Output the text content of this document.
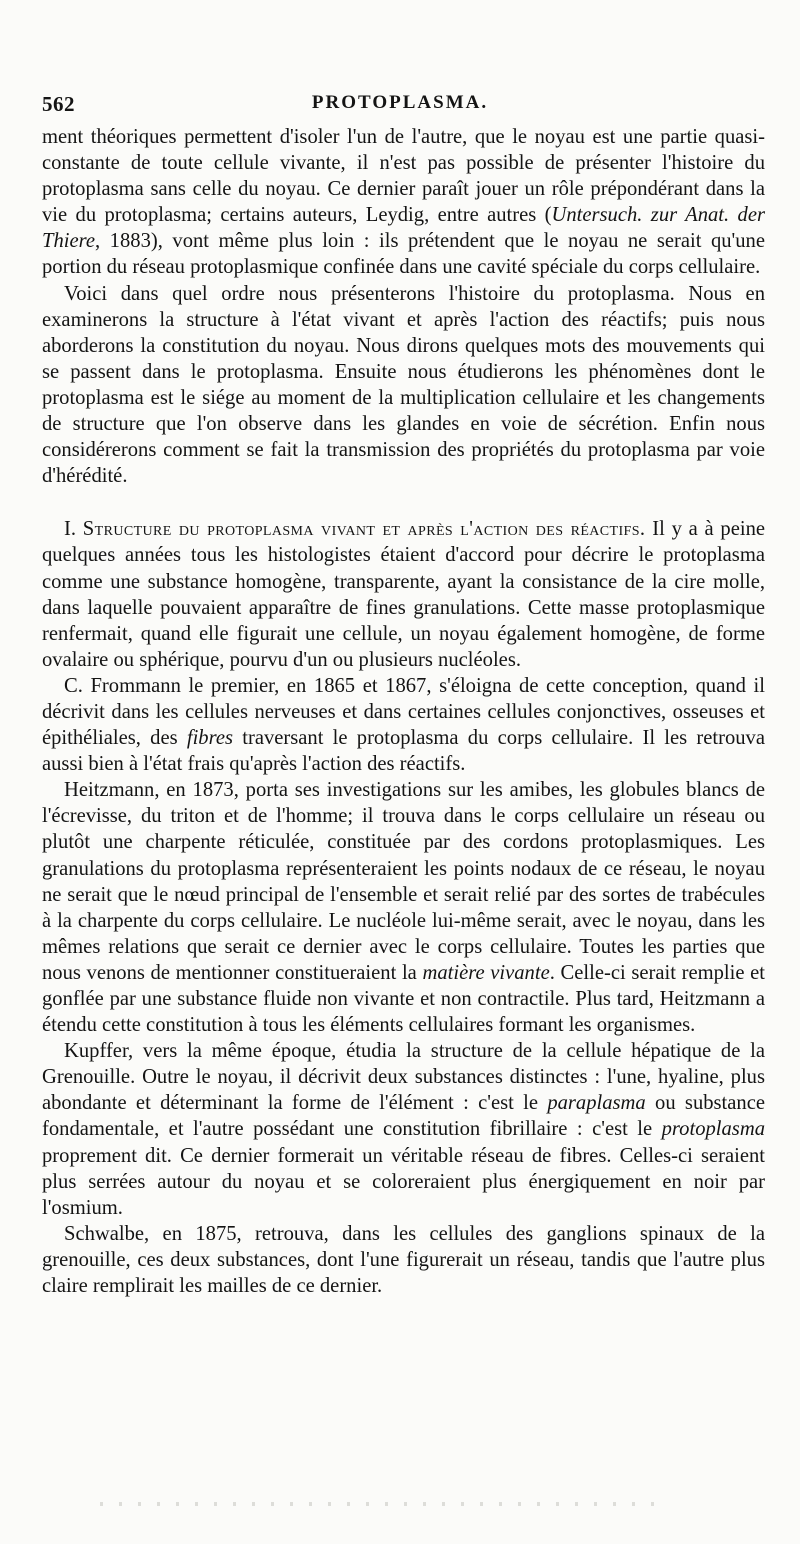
562	PROTOPLASMA.

ment théoriques permettent d'isoler l'un de l'autre, que le noyau est une partie quasi-constante de toute cellule vivante, il n'est pas possible de présenter l'histoire du protoplasma sans celle du noyau. Ce dernier paraît jouer un rôle prépondérant dans la vie du protoplasma; certains auteurs, Leydig, entre autres (Untersuch. zur Anat. der Thiere, 1883), vont même plus loin : ils prétendent que le noyau ne serait qu'une portion du réseau protoplasmique confinée dans une cavité spéciale du corps cellulaire.

Voici dans quel ordre nous présenterons l'histoire du protoplasma. Nous en examinerons la structure à l'état vivant et après l'action des réactifs; puis nous aborderons la constitution du noyau. Nous dirons quelques mots des mouvements qui se passent dans le protoplasma. Ensuite nous étudierons les phénomènes dont le protoplasma est le siége au moment de la multiplication cellulaire et les changements de structure que l'on observe dans les glandes en voie de sécrétion. Enfin nous considérerons comment se fait la transmission des propriétés du protoplasma par voie d'hérédité.

I. Structure du protoplasma vivant et après l'action des réactifs. Il y a à peine quelques années tous les histologistes étaient d'accord pour décrire le protoplasma comme une substance homogène, transparente, ayant la consistance de la cire molle, dans laquelle pouvaient apparaître de fines granulations. Cette masse protoplasmique renfermait, quand elle figurait une cellule, un noyau également homogène, de forme ovalaire ou sphérique, pourvu d'un ou plusieurs nucléoles.

C. Frommann le premier, en 1865 et 1867, s'éloigna de cette conception, quand il décrivit dans les cellules nerveuses et dans certaines cellules conjonctives, osseuses et épithéliales, des fibres traversant le protoplasma du corps cellulaire. Il les retrouva aussi bien à l'état frais qu'après l'action des réactifs.

Heitzmann, en 1873, porta ses investigations sur les amibes, les globules blancs de l'écrevisse, du triton et de l'homme; il trouva dans le corps cellulaire un réseau ou plutôt une charpente réticulée, constituée par des cordons protoplasmiques. Les granulations du protoplasma représenteraient les points nodaux de ce réseau, le noyau ne serait que le nœud principal de l'ensemble et serait relié par des sortes de trabécules à la charpente du corps cellulaire. Le nucléole lui-même serait, avec le noyau, dans les mêmes relations que serait ce dernier avec le corps cellulaire. Toutes les parties que nous venons de mentionner constitueraient la matière vivante. Celle-ci serait remplie et gonflée par une substance fluide non vivante et non contractile. Plus tard, Heitzmann a étendu cette constitution à tous les éléments cellulaires formant les organismes.

Kupffer, vers la même époque, étudia la structure de la cellule hépatique de la Grenouille. Outre le noyau, il décrivit deux substances distinctes : l'une, hyaline, plus abondante et déterminant la forme de l'élément : c'est le paraplasma ou substance fondamentale, et l'autre possédant une constitution fibrillaire : c'est le protoplasma proprement dit. Ce dernier formerait un véritable réseau de fibres. Celles-ci seraient plus serrées autour du noyau et se coloreraient plus énergiquement en noir par l'osmium.

Schwalbe, en 1875, retrouva, dans les cellules des ganglions spinaux de la grenouille, ces deux substances, dont l'une figurerait un réseau, tandis que l'autre plus claire remplirait les mailles de ce dernier.
